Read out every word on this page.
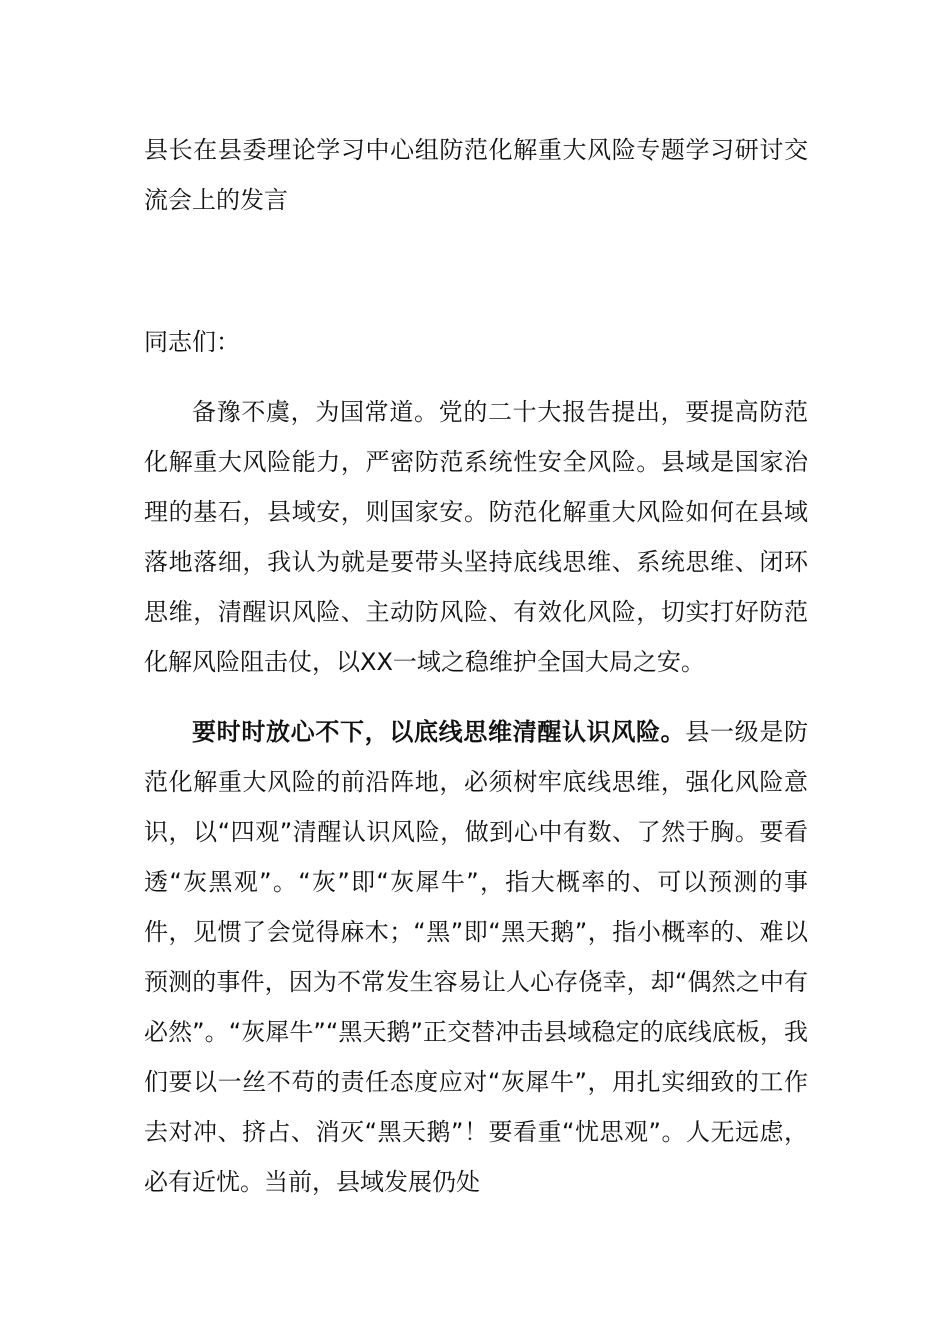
县长在县委理论学习中心组防范化解重大风险专题学习研讨交流会上的发言

同志们：

备豫不虞，为国常道。党的二十大报告提出，要提高防范化解重大风险能力，严密防范系统性安全风险。县域是国家治理的基石，县域安，则国家安。防范化解重大风险如何在县域落地落细，我认为就是要带头坚持底线思维、系统思维、闭环思维，清醒识风险、主动防风险、有效化风险，切实打好防范化解风险阻击仗，以XX一域之稳维护全国大局之安。

要时时放心不下，以底线思维清醒认识风险。县一级是防范化解重大风险的前沿阵地，必须树牢底线思维，强化风险意识，以“四观”清醒认识风险，做到心中有数、了然于胸。要看透“灰黑观”。“灰”即“灰犀牛”，指大概率的、可以预测的事件，见惯了会觉得麻木；“黑”即“黑天鹅”，指小概率的、难以预测的事件，因为不常发生容易让人心存侥幸，却“偶然之中有必然”。“灰犀牛”“黑天鹅”正交替冲击县域稳定的底线底板，我们要以一丝不苟的责任态度应对“灰犀牛”，用扎实细致的工作去对冲、挤占、消灭“黑天鹅”！要看重“忧思观”。人无远虑，必有近忧。当前，县域发展仍处
